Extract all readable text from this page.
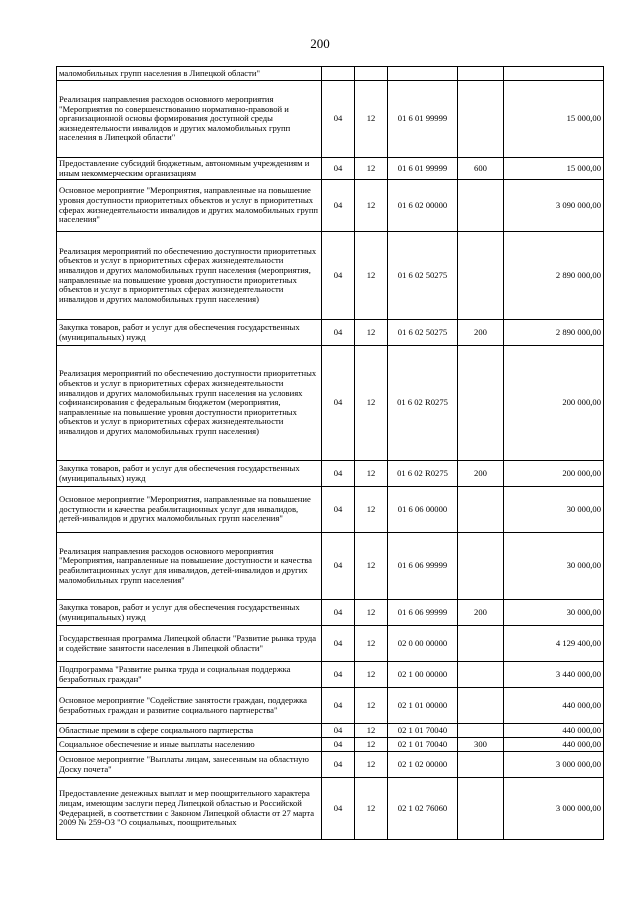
200
маломобильных групп населения в Липецкой области"					
Реализация направления расходов основного мероприятия "Мероприятия по совершенствованию нормативно-правовой и организационной основы формирования доступной среды жизнедеятельности инвалидов и других маломобильных групп населения в Липецкой области"	04	12	01 6 01 99999		15 000,00
Предоставление субсидий бюджетным, автономным учреждениям и иным некоммерческим организациям	04	12	01 6 01 99999	600	15 000,00
Основное мероприятие "Мероприятия, направленные на повышение уровня доступности приоритетных объектов и услуг в приоритетных сферах жизнедеятельности инвалидов и других маломобильных групп населения"	04	12	01 6 02 00000		3 090 000,00
Реализация мероприятий по обеспечению доступности приоритетных объектов и услуг в приоритетных сферах жизнедеятельности инвалидов и других маломобильных групп населения (мероприятия, направленные на повышение уровня доступности приоритетных объектов и услуг в приоритетных сферах жизнедеятельности инвалидов и других маломобильных групп населения)	04	12	01 6 02 50275		2 890 000,00
Закупка товаров, работ и услуг для обеспечения государственных (муниципальных) нужд	04	12	01 6 02 50275	200	2 890 000,00
Реализация мероприятий по обеспечению доступности приоритетных объектов и услуг в приоритетных сферах жизнедеятельности инвалидов и других маломобильных групп населения на условиях софинансирования с федеральным бюджетом (мероприятия, направленные на повышение уровня доступности приоритетных объектов и услуг в приоритетных сферах жизнедеятельности инвалидов и других маломобильных групп населения)	04	12	01 6 02 R0275		200 000,00
Закупка товаров, работ и услуг для обеспечения государственных (муниципальных) нужд	04	12	01 6 02 R0275	200	200 000,00
Основное мероприятие "Мероприятия, направленные на повышение доступности и качества реабилитационных услуг для инвалидов, детей-инвалидов и других маломобильных групп населения"	04	12	01 6 06 00000		30 000,00
Реализация направления расходов основного мероприятия "Мероприятия, направленные на повышение доступности и качества реабилитационных услуг для инвалидов, детей-инвалидов и других маломобильных групп населения"	04	12	01 6 06 99999		30 000,00
Закупка товаров, работ и услуг для обеспечения государственных (муниципальных) нужд	04	12	01 6 06 99999	200	30 000,00
Государственная программа Липецкой области "Развитие рынка труда и содействие занятости населения в Липецкой области"	04	12	02 0 00 00000		4 129 400,00
Подпрограмма "Развитие рынка труда и социальная поддержка безработных граждан"	04	12	02 1 00 00000		3 440 000,00
Основное мероприятие "Содействие занятости граждан, поддержка безработных граждан и развитие социального партнерства"	04	12	02 1 01 00000		440 000,00
Областные премии в сфере социального партнерства	04	12	02 1 01 70040		440 000,00
Социальное обеспечение и иные выплаты населению	04	12	02 1 01 70040	300	440 000,00
Основное мероприятие "Выплаты лицам, занесенным на областную Доску почета"	04	12	02 1 02 00000		3 000 000,00
Предоставление денежных выплат и мер поощрительного характера лицам, имеющим заслуги перед Липецкой областью и Российской Федерацией, в соответствии с Законом Липецкой области от 27 марта 2009 № 259-ОЗ "О социальных, поощрительных	04	12	02 1 02 76060		3 000 000,00
